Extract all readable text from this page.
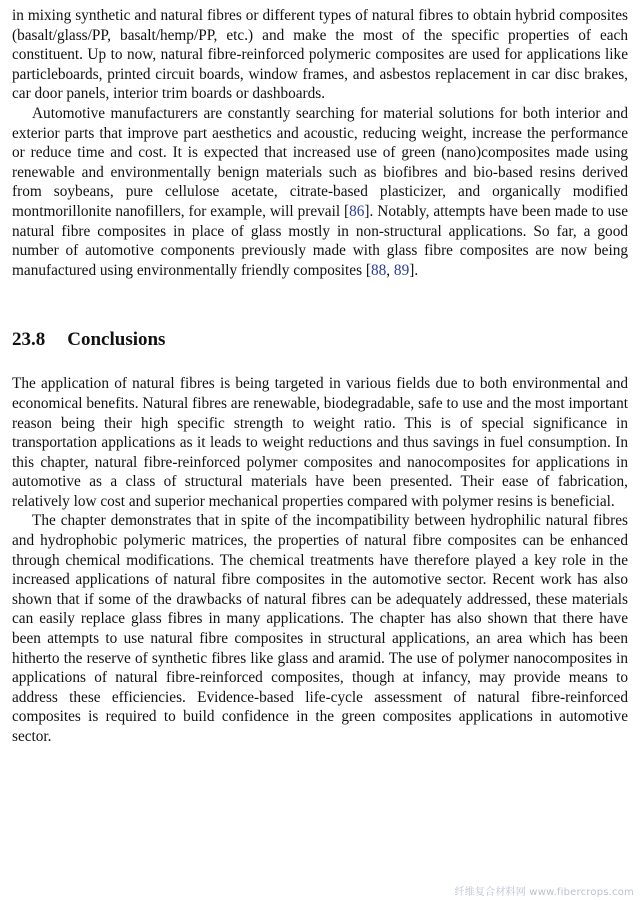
in mixing synthetic and natural fibres or different types of natural fibres to obtain hybrid composites (basalt/glass/PP, basalt/hemp/PP, etc.) and make the most of the specific properties of each constituent. Up to now, natural fibre-reinforced polymeric composites are used for applications like particleboards, printed circuit boards, window frames, and asbestos replacement in car disc brakes, car door panels, interior trim boards or dashboards.

Automotive manufacturers are constantly searching for material solutions for both interior and exterior parts that improve part aesthetics and acoustic, reducing weight, increase the performance or reduce time and cost. It is expected that increased use of green (nano)composites made using renewable and environmentally benign materials such as biofibres and bio-based resins derived from soybeans, pure cellulose acetate, citrate-based plasticizer, and organically modified montmorillonite nanofillers, for example, will prevail [86]. Notably, attempts have been made to use natural fibre composites in place of glass mostly in non-structural applications. So far, a good number of automotive components previously made with glass fibre composites are now being manufactured using environmentally friendly composites [88, 89].

23.8 Conclusions

The application of natural fibres is being targeted in various fields due to both environmental and economical benefits. Natural fibres are renewable, biodegradable, safe to use and the most important reason being their high specific strength to weight ratio. This is of special significance in transportation applications as it leads to weight reductions and thus savings in fuel consumption. In this chapter, natural fibre-reinforced polymer composites and nanocomposites for applications in automotive as a class of structural materials have been presented. Their ease of fabrication, relatively low cost and superior mechanical properties compared with polymer resins is beneficial.

The chapter demonstrates that in spite of the incompatibility between hydrophilic natural fibres and hydrophobic polymeric matrices, the properties of natural fibre composites can be enhanced through chemical modifications. The chemical treatments have therefore played a key role in the increased applications of natural fibre composites in the automotive sector. Recent work has also shown that if some of the drawbacks of natural fibres can be adequately addressed, these materials can easily replace glass fibres in many applications. The chapter has also shown that there have been attempts to use natural fibre composites in structural applications, an area which has been hitherto the reserve of synthetic fibres like glass and aramid. The use of polymer nanocomposites in applications of natural fibre-reinforced composites, though at infancy, may provide means to address these efficiencies. Evidence-based life-cycle assessment of natural fibre-reinforced composites is required to build confidence in the green composites applications in automotive sector.

纤维复合材料网 www.fibercrops.com
